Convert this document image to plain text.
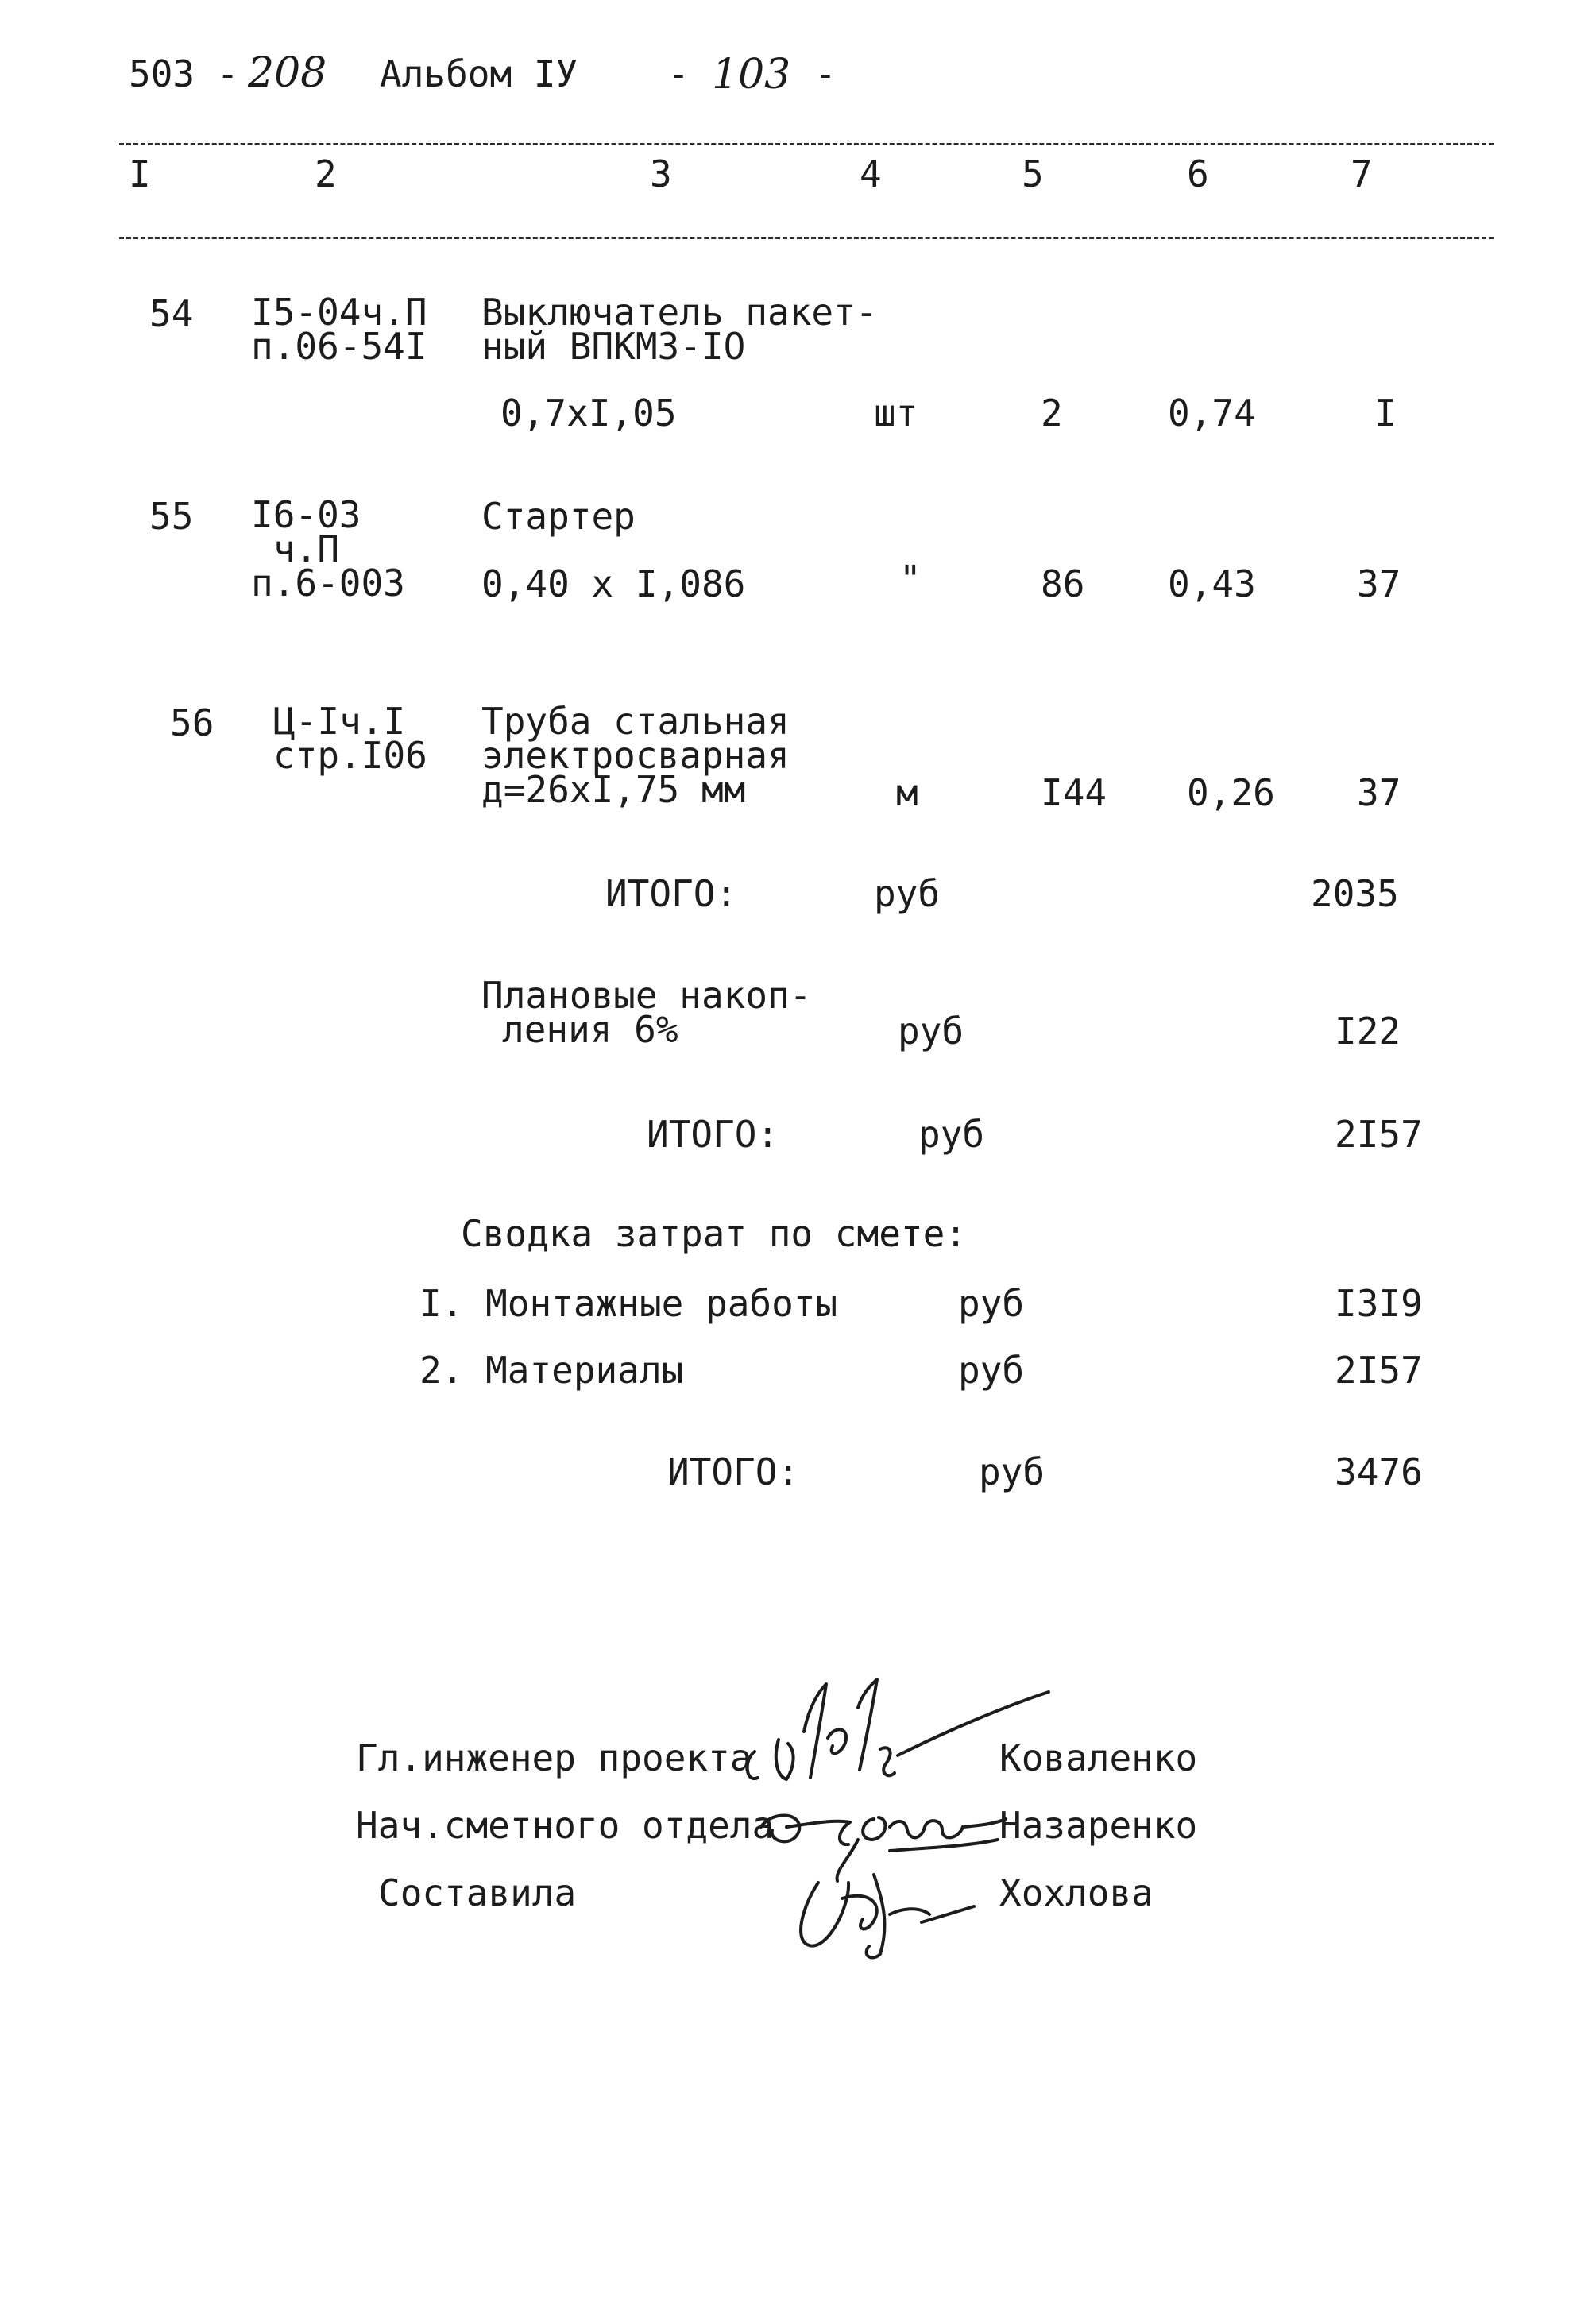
503 - 208 Альбом IУ - 103 -
I	2	3	4	5	6	7
54 I5-04ч.П
п.06-54I
Выключатель пакет-
ный ВПКМЗ-IO
0,7xI,05	шт	2	0,74	I
55 I6-03
ч.П
п.6-003
Стартер
0,40 x I,086	"	86 0,43	37
56 Ц-Iч.I
стр.I06
Труба стальная
электросварная
д=26xI,75 мм	м	I44 0,26 37
ИТОГО:	руб	2035
Плановые накоп-
ления 6%	руб	I22
ИТОГО:	руб	2I57
Сводка затрат по смете:
I. Монтажные работы	руб	I3I9
2. Материалы	руб	2I57
ИТОГО:	руб	3476
Гл.инженер проекта	Коваленко
Нач.сметного отдела	Назаренко
Составила	Хохлова
